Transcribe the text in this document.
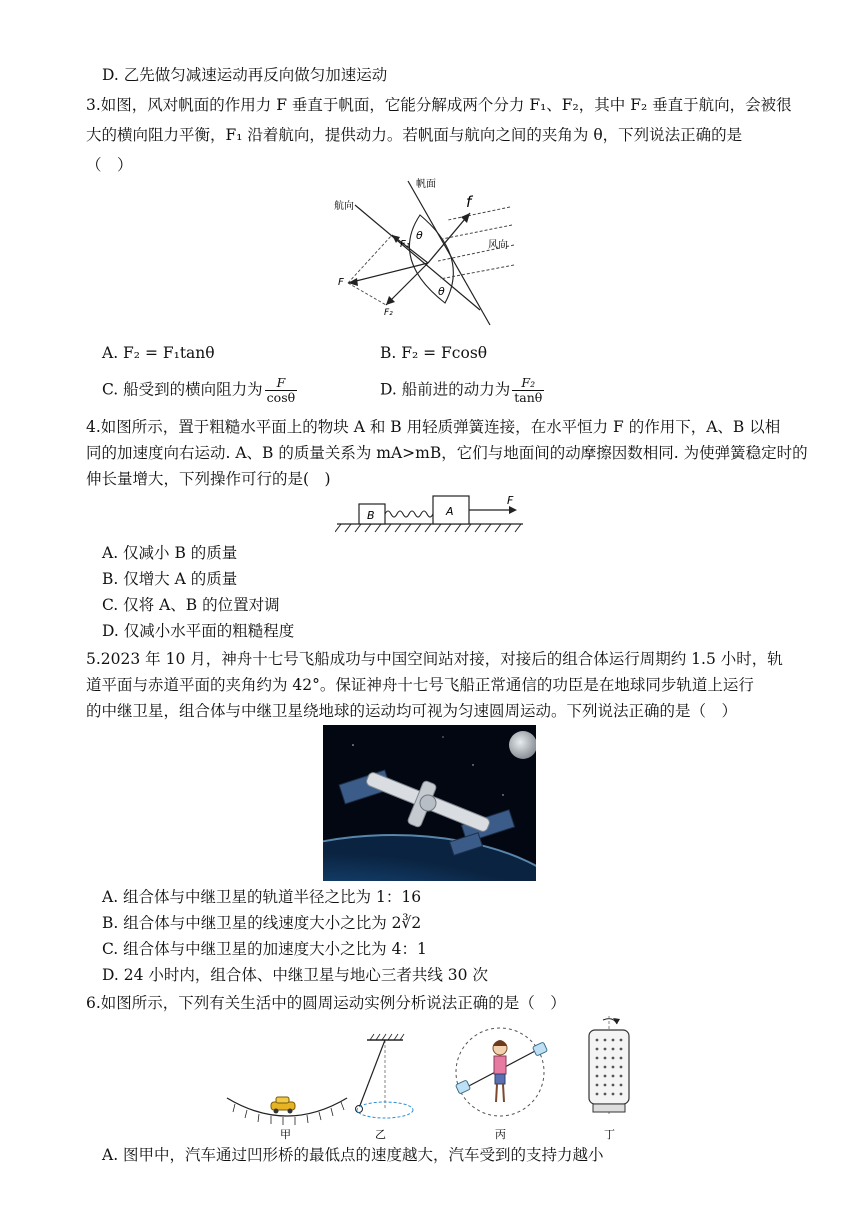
D. 乙先做匀减速运动再反向做匀加速运动
3.如图，风对帆面的作用力 F 垂直于帆面，它能分解成两个分力 F₁、F₂，其中 F₂ 垂直于航向，会被很
大的横向阻力平衡，F₁ 沿着航向，提供动力。若帆面与航向之间的夹角为 θ，下列说法正确的是
（　）
航向
帆面
风向
f
F
F₁
F₂
θ
θ
A. F₂ = F₁tanθ	B. F₂ = Fcosθ
C. 船受到的横向阻力为 $\frac{F}{\cos\theta}$	D. 船前进的动力为 $\frac{\text{F₂}}{\tan\theta}$
4.如图所示，置于粗糙水平面上的物块 A 和 B 用轻质弹簧连接，在水平恒力 F 的作用下，A、B 以相
同的加速度向右运动. A、B 的质量关系为 mA>mB，它们与地面间的动摩擦因数相同. 为使弹簧稳定时的
伸长量增大，下列操作可行的是(　)
B	A
F
A. 仅减小 B 的质量
B. 仅增大 A 的质量
C. 仅将 A、B 的位置对调
D. 仅减小水平面的粗糙程度
5.2023 年 10 月，神舟十七号飞船成功与中国空间站对接，对接后的组合体运行周期约 1.5 小时，轨
道平面与赤道平面的夹角约为 42°。保证神舟十七号飞船正常通信的功臣是在地球同步轨道上运行
的中继卫星，组合体与中继卫星绕地球的运动均可视为匀速圆周运动。下列说法正确的是（　）
A. 组合体与中继卫星的轨道半径之比为 1：16
B. 组合体与中继卫星的线速度大小之比为 2∛2
C. 组合体与中继卫星的加速度大小之比为 4：1
D. 24 小时内，组合体、中继卫星与地心三者共线 30 次
6.如图所示，下列有关生活中的圆周运动实例分析说法正确的是（　）
甲	乙	丙	丁
A. 图甲中，汽车通过凹形桥的最低点的速度越大，汽车受到的支持力越小
